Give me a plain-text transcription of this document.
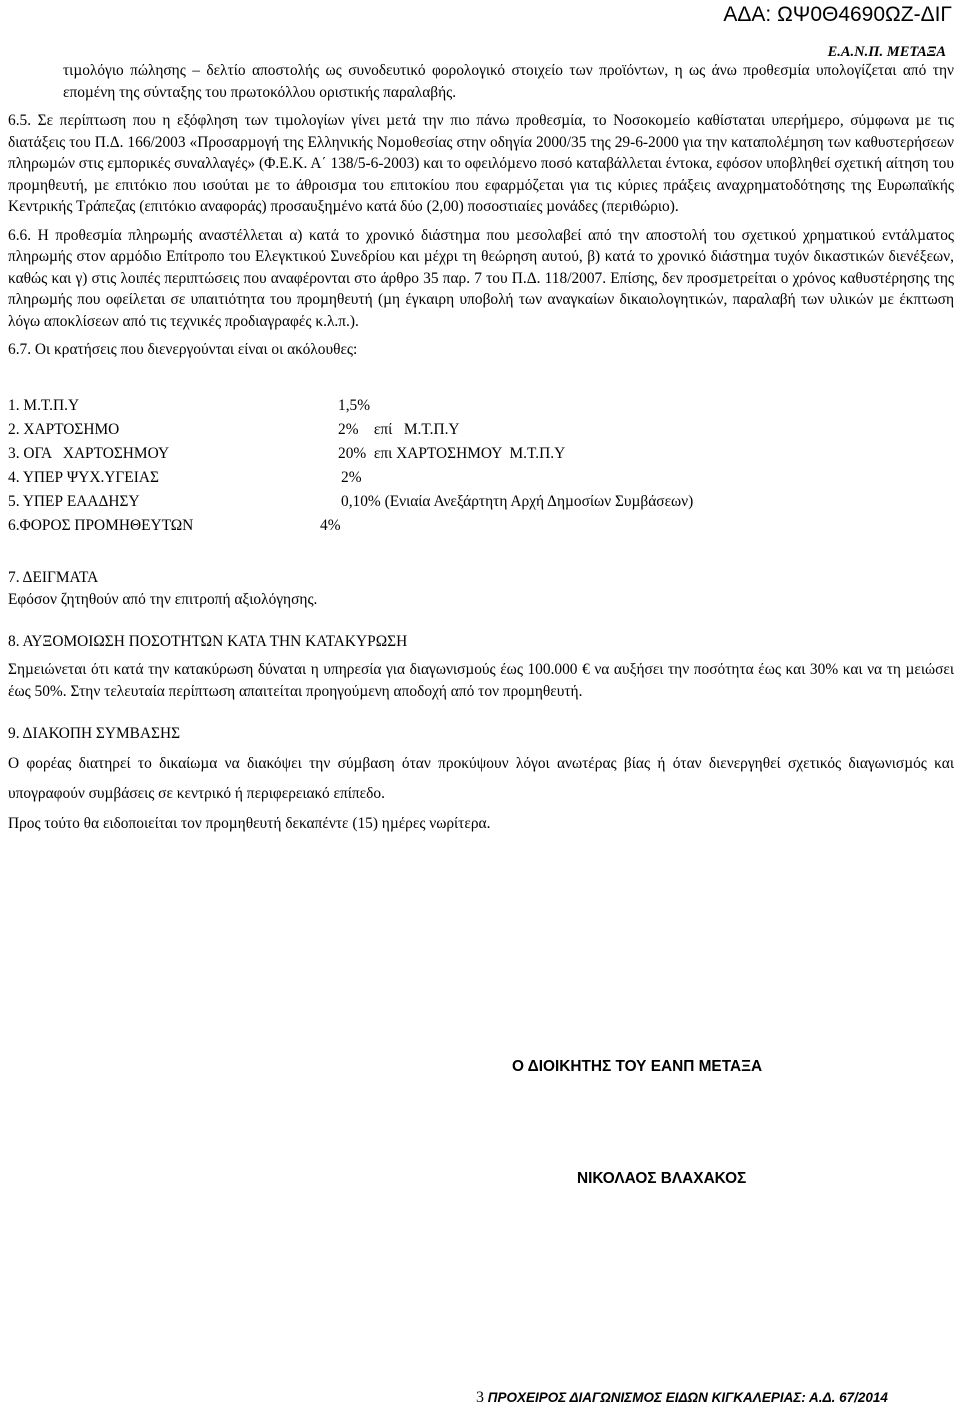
ΑΔΑ: ΩΨ0Θ4690ΩΖ-ΔΙΓ
Ε.Α.Ν.Π. ΜΕΤΑΞΑ

τιµολόγιο πώλησης – δελτίο αποστολής ως συνοδευτικό φορολογικό στοιχείο των προϊόντων, η ως άνω προθεσµία υπολογίζεται από την εποµένη της σύνταξης του πρωτοκόλλου οριστικής παραλαβής.

6.5. Σε περίπτωση που η εξόφληση των τιµολογίων γίνει µετά την πιο πάνω προθεσµία, το Νοσοκοµείο καθίσταται υπερήµερο, σύµφωνα µε τις διατάξεις του Π.Δ. 166/2003 «Προσαρµογή της Ελληνικής Νοµοθεσίας στην οδηγία 2000/35 της 29-6-2000 για την καταπολέµηση των καθυστερήσεων πληρωµών στις εµπορικές συναλλαγές» (Φ.Ε.Κ. Α΄ 138/5-6-2003) και το οφειλόµενο ποσό καταβάλλεται έντοκα, εφόσον υποβληθεί σχετική αίτηση του προµηθευτή, µε επιτόκιο που ισούται µε το άθροισµα του επιτοκίου που εφαρµόζεται για τις κύριες πράξεις αναχρηµατοδότησης της Ευρωπαϊκής Κεντρικής Τράπεζας (επιτόκιο αναφοράς) προσαυξηµένο κατά δύο (2,00) ποσοστιαίες µονάδες (περιθώριο).

6.6. Η προθεσµία πληρωµής αναστέλλεται α) κατά το χρονικό διάστηµα που µεσολαβεί από την αποστολή του σχετικού χρηµατικού εντάλµατος πληρωµής στον αρµόδιο Επίτροπο του Ελεγκτικού Συνεδρίου και µέχρι τη θεώρηση αυτού, β) κατά το χρονικό διάστηµα τυχόν δικαστικών διενέξεων, καθώς και γ) στις λοιπές περιπτώσεις που αναφέρονται στο άρθρο 35 παρ. 7 του Π.Δ. 118/2007. Επίσης, δεν προσµετρείται ο χρόνος καθυστέρησης της πληρωµής που οφείλεται σε υπαιτιότητα του προµηθευτή (µη έγκαιρη υποβολή των αναγκαίων δικαιολογητικών, παραλαβή των υλικών µε έκπτωση λόγω αποκλίσεων από τις τεχνικές προδιαγραφές κ.λ.π.).

6.7. Οι κρατήσεις που διενεργούνται είναι οι ακόλουθες:

1. Μ.Τ.Π.Υ	1,5%
2. ΧΑΡΤΟΣΗΜΟ	2%    επί   Μ.Τ.Π.Υ
3. ΟΓΑ   ΧΑΡΤΟΣΗΜΟΥ	20%  επι ΧΑΡΤΟΣΗΜΟΥ  Μ.Τ.Π.Υ
4. ΥΠΕΡ ΨΥΧ.ΥΓΕΙΑΣ	2%
5. ΥΠΕΡ ΕΑΑΔΗΣΥ	0,10% (Ενιαία Ανεξάρτητη Αρχή Δηµοσίων Συµβάσεων)
6.ΦΟΡΟΣ ΠΡΟΜΗΘΕΥΤΩΝ	4%
7. ΔΕΙΓΜΑΤΑ
Εφόσον ζητηθούν από την επιτροπή αξιολόγησης.
8. ΑΥΞΟΜΟΙΩΣΗ ΠΟΣΟΤΗΤΩΝ ΚΑΤΑ ΤΗΝ ΚΑΤΑΚΥΡΩΣΗ

Σηµειώνεται ότι κατά την κατακύρωση δύναται η υπηρεσία για διαγωνισµούς έως 100.000 € να αυξήσει την ποσότητα έως και 30% και να τη µειώσει έως 50%. Στην τελευταία περίπτωση απαιτείται προηγούµενη αποδοχή από τον προµηθευτή.

9. ΔΙΑΚΟΠΗ ΣΥΜΒΑΣΗΣ

Ο φορέας διατηρεί το δικαίωµα να διακόψει την σύµβαση όταν προκύψουν λόγοι ανωτέρας βίας ή όταν διενεργηθεί σχετικός διαγωνισµός και υπογραφούν συµβάσεις σε κεντρικό ή περιφερειακό επίπεδο.

Προς τούτο θα ειδοποιείται τον προµηθευτή δεκαπέντε (15) ηµέρες νωρίτερα.

Ο ΔΙΟΙΚΗΤΗΣ ΤΟΥ ΕΑΝΠ ΜΕΤΑΞΑ
ΝΙΚΟΛΑΟΣ ΒΛΑΧΑΚΟΣ
3 ΠΡΟΧΕΙΡΟΣ ΔΙΑΓΩΝΙΣΜΟΣ ΕΙΔΩΝ ΚΙΓΚΑΛΕΡΙΑΣ: Α.Δ. 67/2014
